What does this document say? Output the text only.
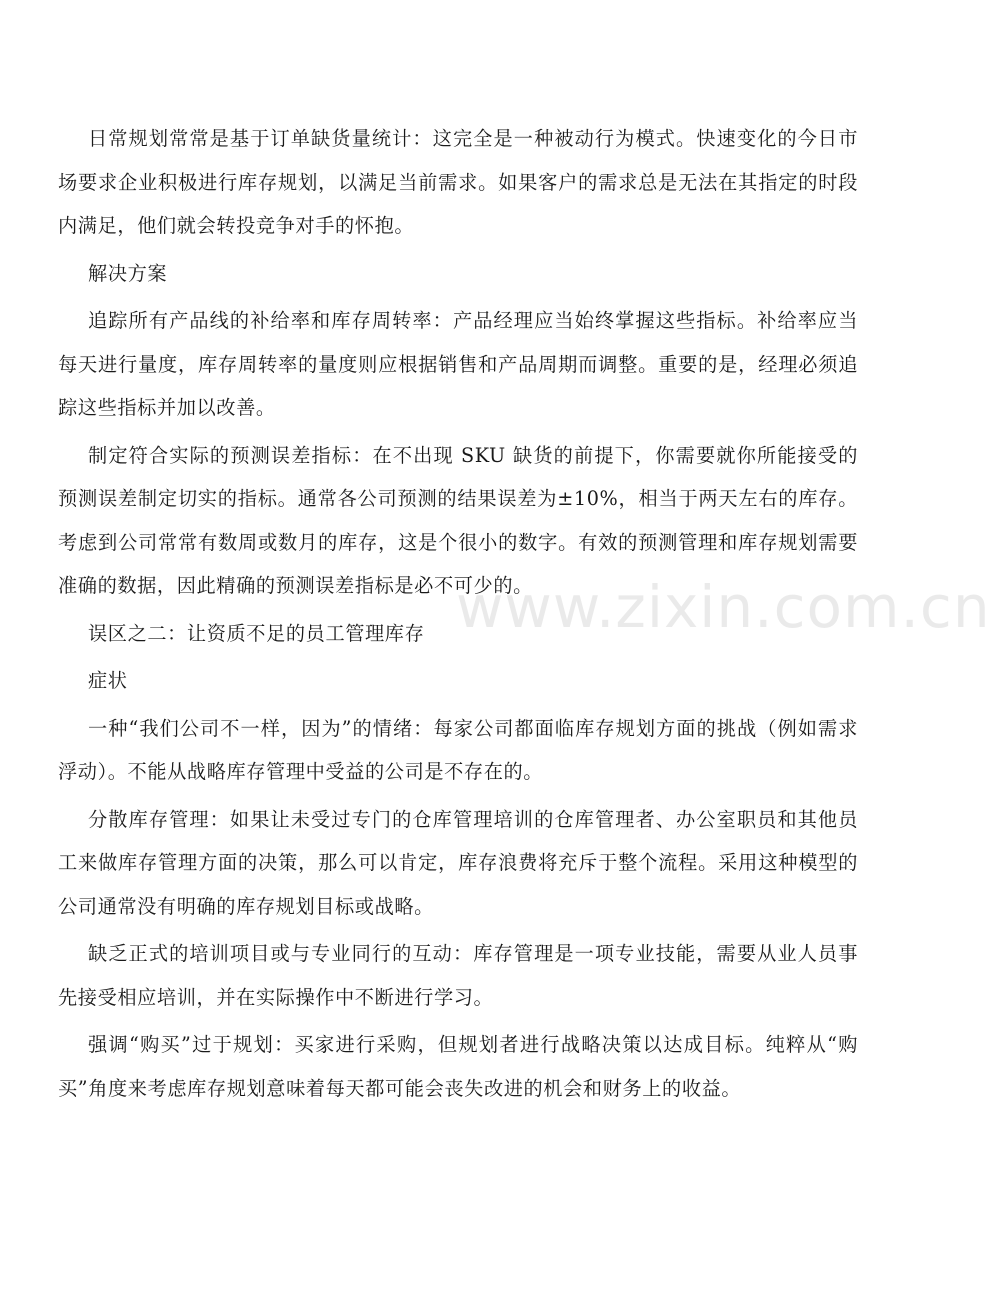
日常规划常常是基于订单缺货量统计：这完全是一种被动行为模式。快速变化的今日市场要求企业积极进行库存规划，以满足当前需求。如果客户的需求总是无法在其指定的时段内满足，他们就会转投竞争对手的怀抱。

解决方案

追踪所有产品线的补给率和库存周转率：产品经理应当始终掌握这些指标。补给率应当每天进行量度，库存周转率的量度则应根据销售和产品周期而调整。重要的是，经理必须追踪这些指标并加以改善。

制定符合实际的预测误差指标：在不出现 SKU 缺货的前提下，你需要就你所能接受的预测误差制定切实的指标。通常各公司预测的结果误差为±10%，相当于两天左右的库存。考虑到公司常常有数周或数月的库存，这是个很小的数字。有效的预测管理和库存规划需要准确的数据，因此精确的预测误差指标是必不可少的。

误区之二：让资质不足的员工管理库存

症状

一种“我们公司不一样，因为”的情绪：每家公司都面临库存规划方面的挑战（例如需求浮动）。不能从战略库存管理中受益的公司是不存在的。

分散库存管理：如果让未受过专门的仓库管理培训的仓库管理者、办公室职员和其他员工来做库存管理方面的决策，那么可以肯定，库存浪费将充斥于整个流程。采用这种模型的公司通常没有明确的库存规划目标或战略。

缺乏正式的培训项目或与专业同行的互动：库存管理是一项专业技能，需要从业人员事先接受相应培训，并在实际操作中不断进行学习。

强调“购买”过于规划：买家进行采购，但规划者进行战略决策以达成目标。纯粹从“购买”角度来考虑库存规划意味着每天都可能会丧失改进的机会和财务上的收益。

www.zixin.com.cn
